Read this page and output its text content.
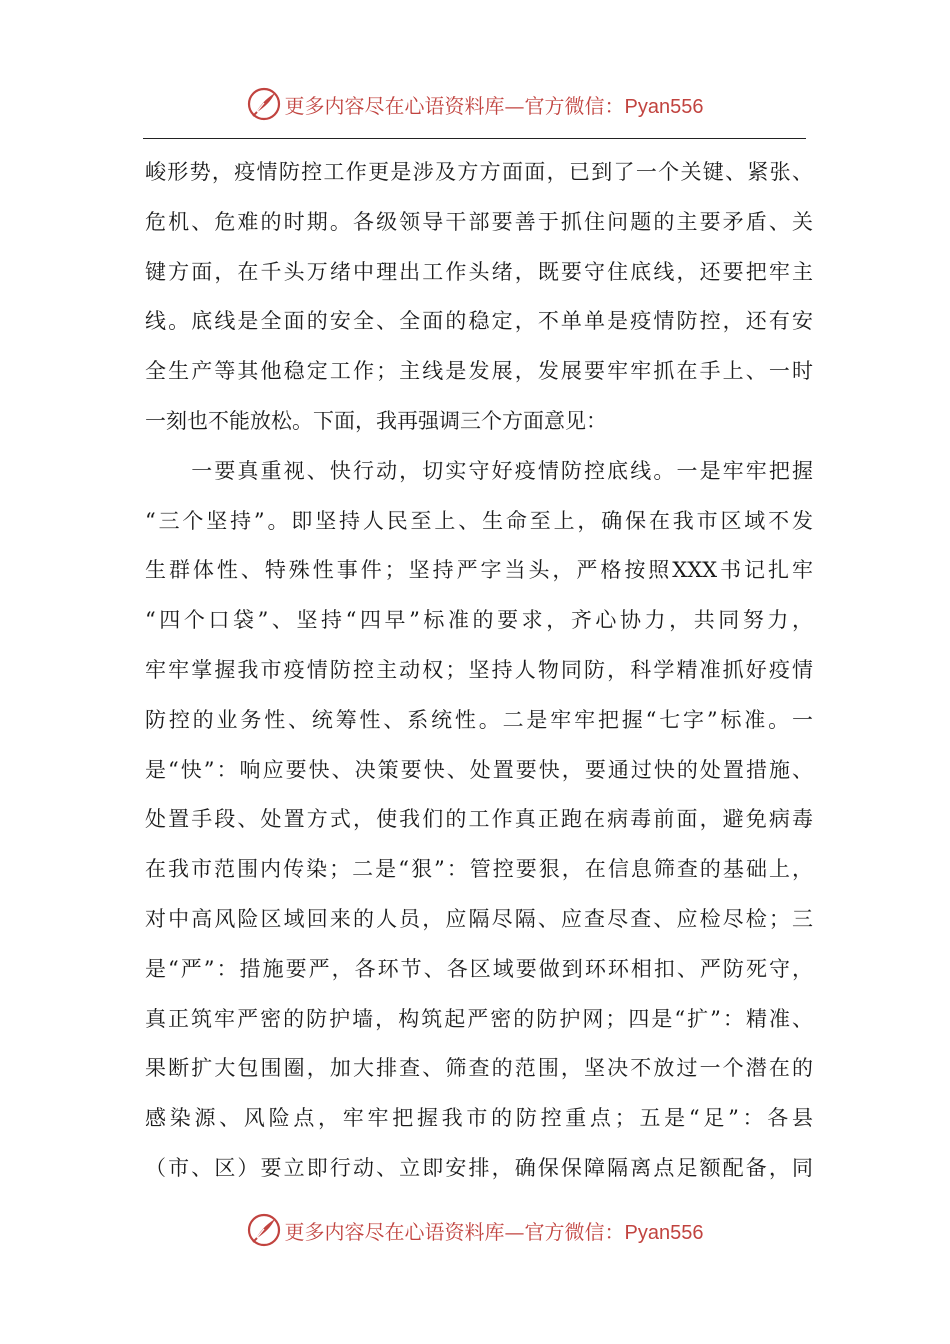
更多内容尽在心语资料库—官方微信：Pyan556
峻形势，疫情防控工作更是涉及方方面面，已到了一个关键、紧张、
危机、危难的时期。各级领导干部要善于抓住问题的主要矛盾、关
键方面，在千头万绪中理出工作头绪，既要守住底线，还要把牢主
线。底线是全面的安全、全面的稳定，不单单是疫情防控，还有安
全生产等其他稳定工作；主线是发展，发展要牢牢抓在手上、一时
一刻也不能放松。下面，我再强调三个方面意见：
　　一要真重视、快行动，切实守好疫情防控底线。一是牢牢把握
“三个坚持”。即坚持人民至上、生命至上，确保在我市区域不发
生群体性、特殊性事件；坚持严字当头，严格按照XXX书记扎牢
“四个口袋”、坚持“四早”标准的要求，齐心协力，共同努力，
牢牢掌握我市疫情防控主动权；坚持人物同防，科学精准抓好疫情
防控的业务性、统筹性、系统性。二是牢牢把握“七字”标准。一
是“快”：响应要快、决策要快、处置要快，要通过快的处置措施、
处置手段、处置方式，使我们的工作真正跑在病毒前面，避免病毒
在我市范围内传染；二是“狠”：管控要狠，在信息筛查的基础上，
对中高风险区域回来的人员，应隔尽隔、应查尽查、应检尽检；三
是“严”：措施要严，各环节、各区域要做到环环相扣、严防死守，
真正筑牢严密的防护墙，构筑起严密的防护网；四是“扩”：精准、
果断扩大包围圈，加大排查、筛查的范围，坚决不放过一个潜在的
感染源、风险点，牢牢把握我市的防控重点；五是“足”：各县
（市、区）要立即行动、立即安排，确保保障隔离点足额配备，同
更多内容尽在心语资料库—官方微信：Pyan556
